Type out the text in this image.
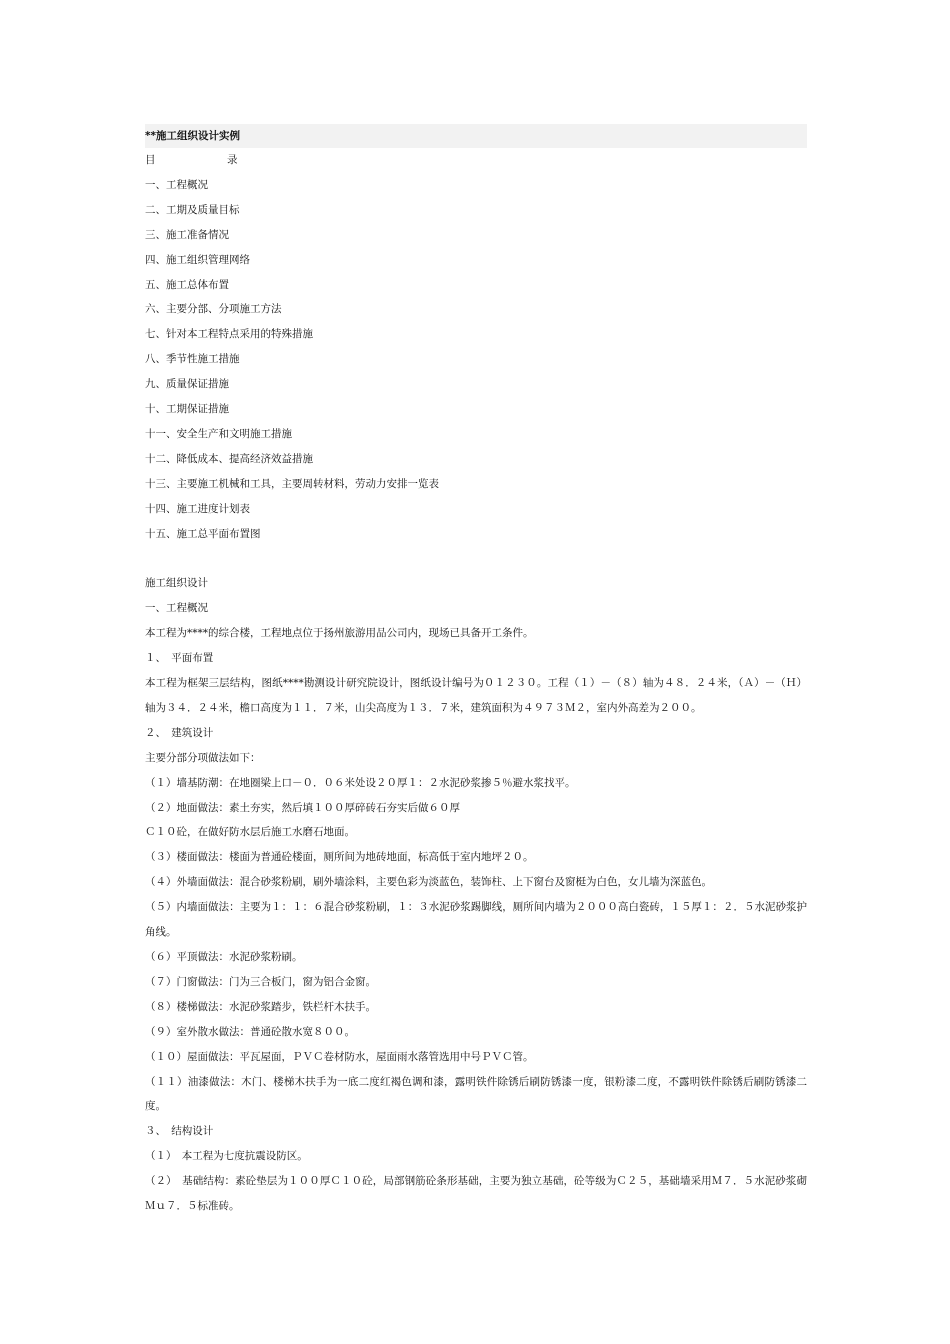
**施工组织设计实例
目	录
一、工程概况
二、工期及质量目标
三、施工准备情况
四、施工组织管理网络
五、施工总体布置
六、主要分部、分项施工方法
七、针对本工程特点采用的特殊措施
八、季节性施工措施
九、质量保证措施
十、工期保证措施
十一、安全生产和文明施工措施
十二、降低成本、提高经济效益措施
十三、主要施工机械和工具，主要周转材料，劳动力安排一览表
十四、施工进度计划表
十五、施工总平面布置图
施工组织设计
一、工程概况
本工程为****的综合楼，工程地点位于扬州旅游用品公司内，现场已具备开工条件。
１、　平面布置
本工程为框架三层结构，图纸****勘测设计研究院设计，图纸设计编号为０１２３０。工程（１）－（８）轴为４８．２４米，（Ａ）－（Ｈ）轴为３４．２４米，檐口高度为１１．７米，山尖高度为１３．７米，建筑面积为４９７３Ｍ２，室内外高差为２００。
２、　建筑设计
主要分部分项做法如下：
（１）墙基防潮：在地圈梁上口－０．０６米处设２０厚１：２水泥砂浆掺５％避水浆找平。
（２）地面做法：素土夯实，然后填１００厚碎砖石夯实后做６０厚
Ｃ１０砼，在做好防水层后施工水磨石地面。
（３）楼面做法：楼面为普通砼楼面，厕所间为地砖地面，标高低于室内地坪２０。
（４）外墙面做法：混合砂浆粉刷，刷外墙涂料，主要色彩为淡蓝色，装饰柱、上下窗台及窗梃为白色，女儿墙为深蓝色。
（５）内墙面做法：主要为１：１：６混合砂浆粉刷，１：３水泥砂浆踢脚线，厕所间内墙为２０００高白瓷砖，１５厚１：２．５水泥砂浆护角线。
（６）平顶做法：水泥砂浆粉刷。
（７）门窗做法：门为三合板门，窗为铝合金窗。
（８）楼梯做法：水泥砂浆踏步，铁栏杆木扶手。
（９）室外散水做法：普通砼散水宽８００。
（１０）屋面做法：平瓦屋面，ＰＶＣ卷材防水，屋面雨水落管选用中号ＰＶＣ管。
（１１）油漆做法：木门、楼梯木扶手为一底二度红褐色调和漆，露明铁件除锈后刷防锈漆一度，银粉漆二度，不露明铁件除锈后刷防锈漆二度。
３、　结构设计
（１）　本工程为七度抗震设防区。
（２）　基础结构：素砼垫层为１００厚Ｃ１０砼，局部钢筋砼条形基础，主要为独立基础，砼等级为Ｃ２５，基础墙采用Ｍ７．５水泥砂浆砌Ｍｕ７．５标准砖。
